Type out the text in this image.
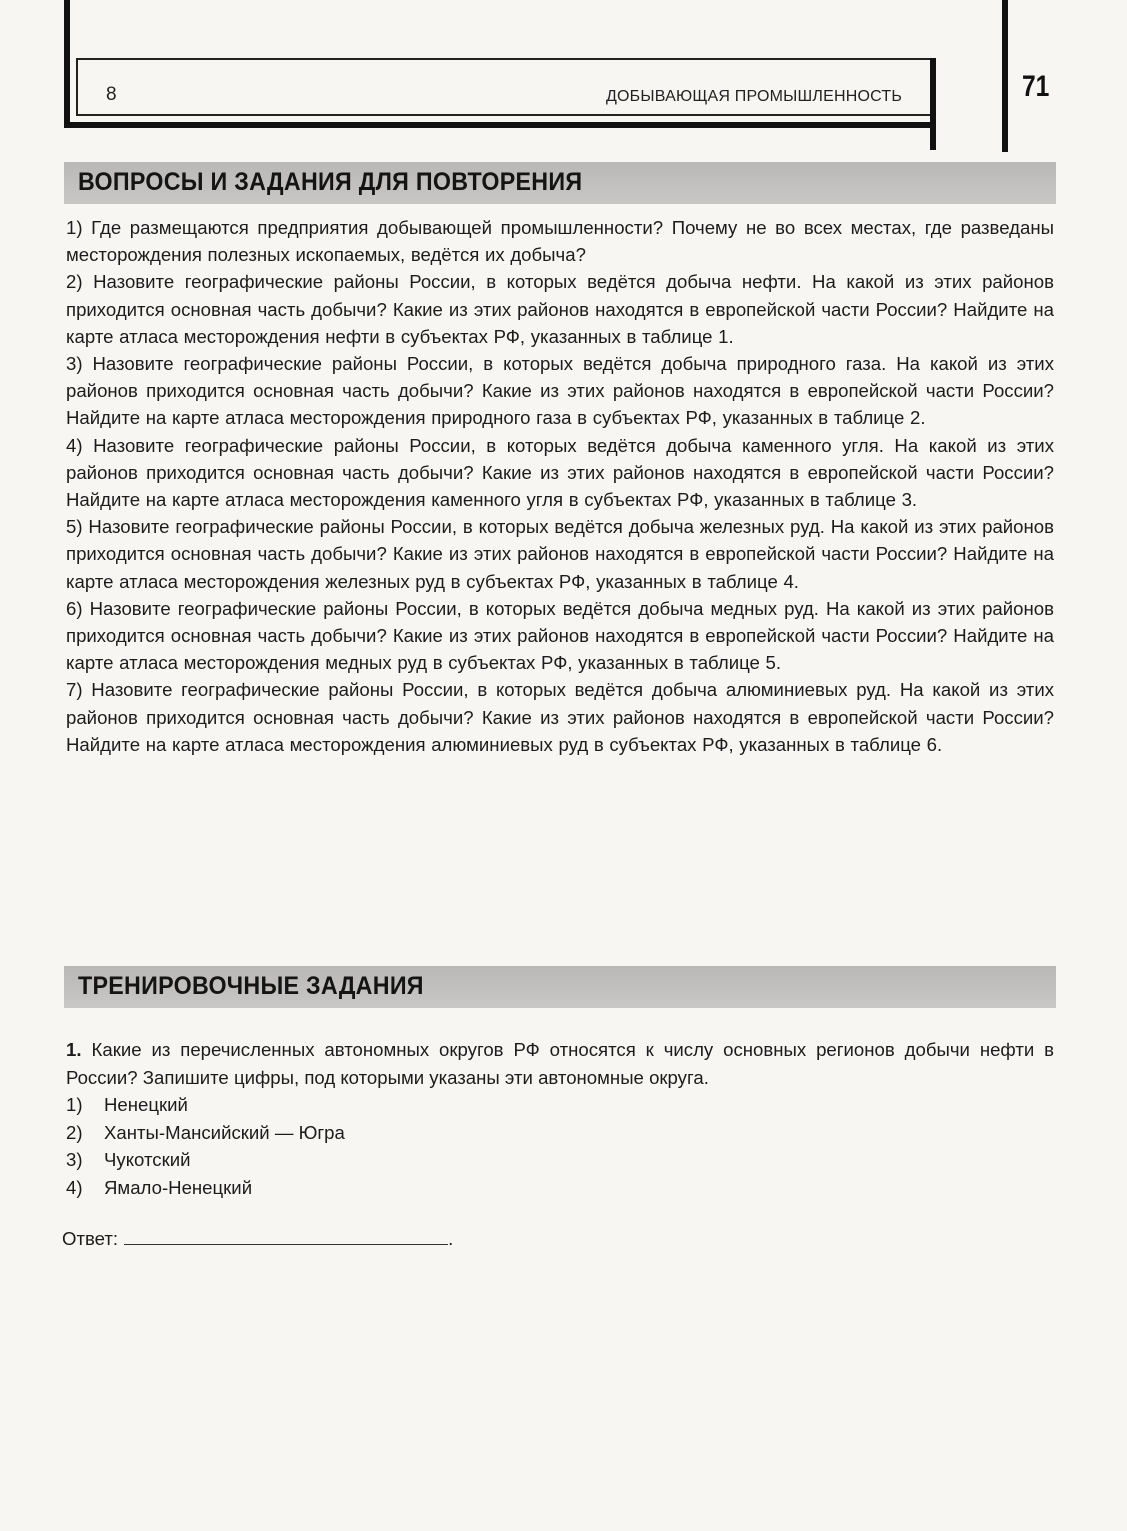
8	ДОБЫВАЮЩАЯ ПРОМЫШЛЕННОСТЬ	71
ВОПРОСЫ И ЗАДАНИЯ ДЛЯ ПОВТОРЕНИЯ

1) Где размещаются предприятия добывающей промышленности? Почему не во всех местах, где разведаны месторождения полезных ископаемых, ведётся их добыча?

2) Назовите географические районы России, в которых ведётся добыча нефти. На какой из этих районов приходится основная часть добычи? Какие из этих районов находятся в европейской части России? Найдите на карте атласа месторождения нефти в субъектах РФ, указанных в таблице 1.

3) Назовите географические районы России, в которых ведётся добыча природного газа. На какой из этих районов приходится основная часть добычи? Какие из этих районов находятся в европейской части России? Найдите на карте атласа месторождения природного газа в субъектах РФ, указанных в таблице 2.

4) Назовите географические районы России, в которых ведётся добыча каменного угля. На какой из этих районов приходится основная часть добычи? Какие из этих районов находятся в европейской части России? Найдите на карте атласа месторождения каменного угля в субъектах РФ, указанных в таблице 3.

5) Назовите географические районы России, в которых ведётся добыча железных руд. На какой из этих районов приходится основная часть добычи? Какие из этих районов находятся в европейской части России? Найдите на карте атласа месторождения железных руд в субъектах РФ, указанных в таблице 4.

6) Назовите географические районы России, в которых ведётся добыча медных руд. На какой из этих районов приходится основная часть добычи? Какие из этих районов находятся в европейской части России? Найдите на карте атласа месторождения медных руд в субъектах РФ, указанных в таблице 5.

7) Назовите географические районы России, в которых ведётся добыча алюминиевых руд. На какой из этих районов приходится основная часть добычи? Какие из этих районов находятся в европейской части России? Найдите на карте атласа месторождения алюминиевых руд в субъектах РФ, указанных в таблице 6.

ТРЕНИРОВОЧНЫЕ ЗАДАНИЯ

1. Какие из перечисленных автономных округов РФ относятся к числу основных регионов добычи нефти в России? Запишите цифры, под которыми указаны эти автономные округа.

1) Ненецкий
2) Ханты-Мансийский — Югра
3) Чукотский
4) Ямало-Ненецкий
Ответ:	.
